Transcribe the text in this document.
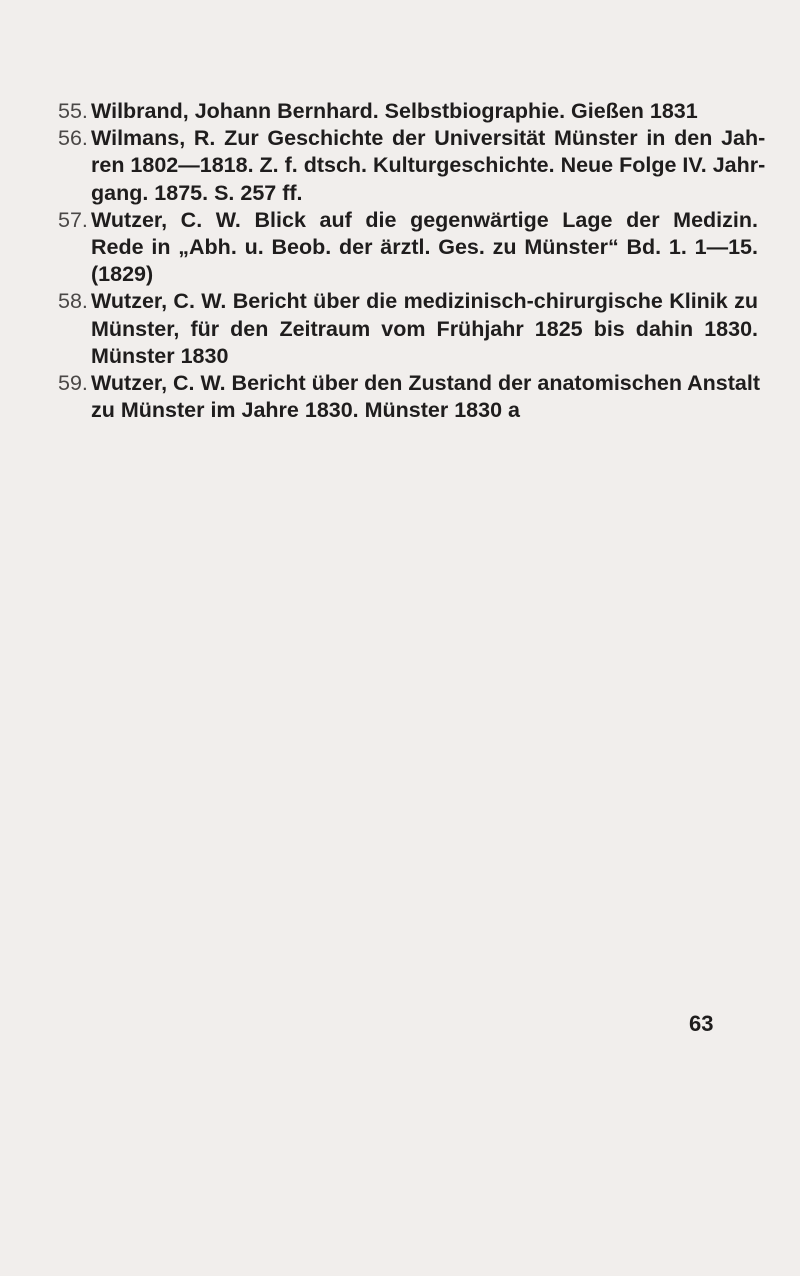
55. Wilbrand, Johann Bernhard. Selbstbiographie. Gießen 1831
56. Wilmans, R. Zur Geschichte der Universität Münster in den Jah-
ren 1802—1818. Z. f. dtsch. Kulturgeschichte. Neue Folge IV. Jahr-
gang. 1875. S. 257 ff.
57. Wutzer, C. W. Blick auf die gegenwärtige Lage der Medizin.
Rede in „Abh. u. Beob. der ärztl. Ges. zu Münster“ Bd. 1. 1—15.
(1829)
58. Wutzer, C. W. Bericht über die medizinisch-chirurgische Klinik zu
Münster, für den Zeitraum vom Frühjahr 1825 bis dahin 1830.
Münster 1830
59. Wutzer, C. W. Bericht über den Zustand der anatomischen Anstalt
zu Münster im Jahre 1830. Münster 1830 a
63
